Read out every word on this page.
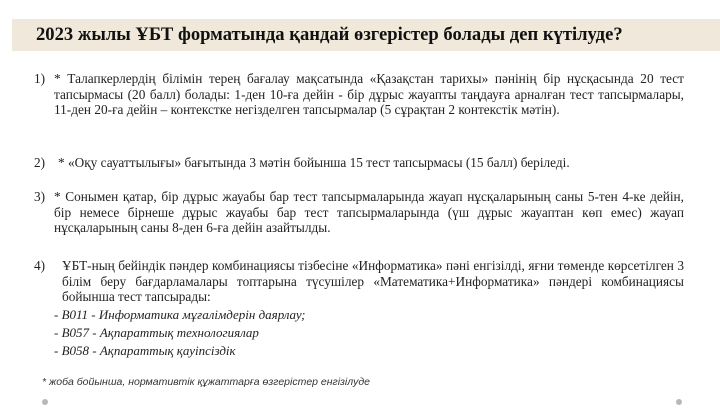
2023 жылы ҰБТ форматында қандай өзгерістер болады деп күтілуде?
1) * Талапкерлердің білімін терең бағалау мақсатында «Қазақстан тарихы» пәнінің бір нұсқасында 20 тест тапсырмасы (20 балл) болады: 1-ден 10-ға дейін - бір дұрыс жауапты таңдауға арналған тест тапсырмалары, 11-ден 20-ға дейін – контекстке негізделген тапсырмалар (5 сұрақтан 2 контекстік мәтін).
2) * «Оқу сауаттылығы» бағытында 3 мәтін бойынша 15 тест тапсырмасы (15 балл) беріледі.
3) * Сонымен қатар, бір дұрыс жауабы бар тест тапсырмаларында жауап нұсқаларының саны 5-тен 4-ке дейін, бір немесе бірнеше дұрыс жауабы бар тест тапсырмаларында (үш дұрыс жауаптан көп емес) жауап нұсқаларының саны 8-ден 6-ға дейін азайтылды.
4)	ҰБТ-ның бейіндік пәндер комбинациясы тізбесіне «Информатика» пәні енгізілді, яғни төменде көрсетілген 3 білім беру бағдарламалары топтарына түсушілер «Математика+Информатика» пәндері комбинациясы бойынша тест тапсырады:
- В011 - Информатика мұғалімдерін даярлау;
- В057 - Ақпараттық технологиялар
- В058 - Ақпараттық қауіпсіздік
* жоба бойынша, нормативтік құжаттарға өзгерістер енгізілуде
